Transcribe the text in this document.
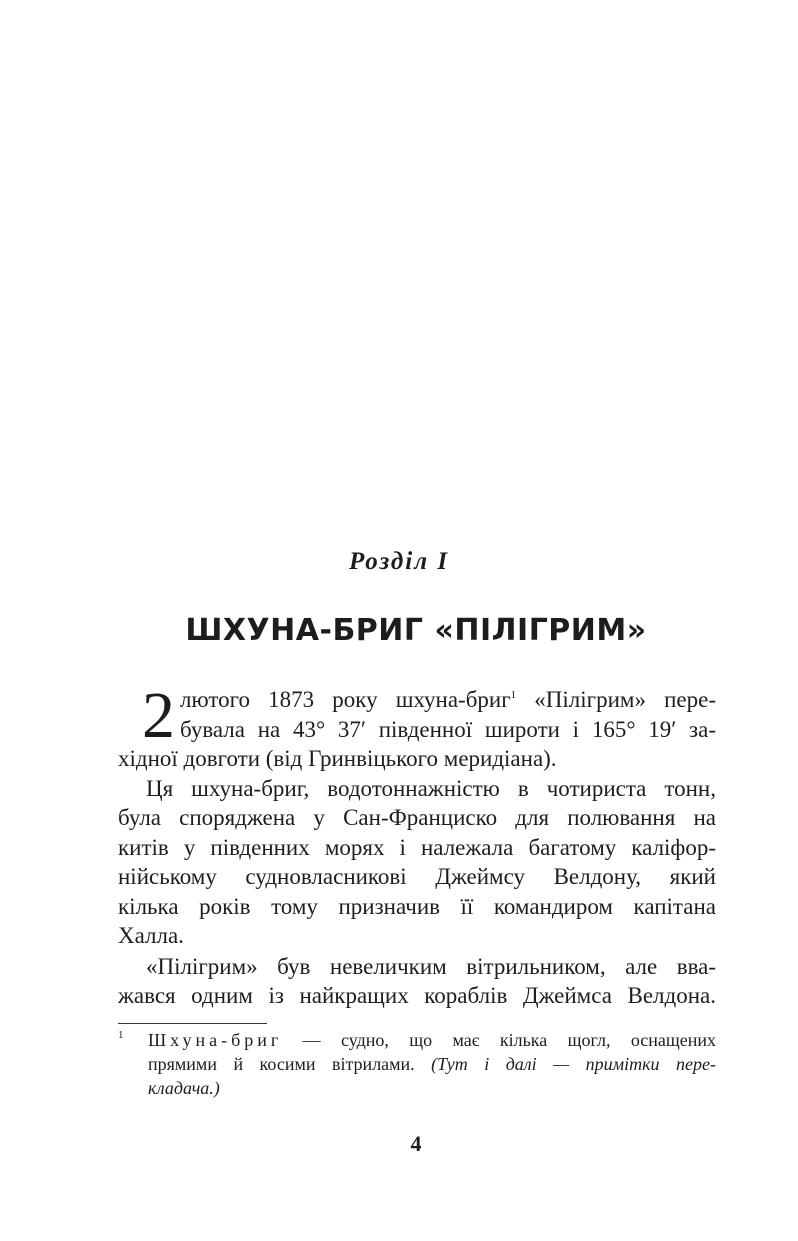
Розділ I
ШХУНА-БРИГ «ПІЛІГРИМ»
2 лютого 1873 року шхуна-бриг$^1$ «Пілігрим» пере-
бувала на 43° 37′ південної широти і 165° 19′ за-
хідної довготи (від Гринвіцького меридіана).
Ця шхуна-бриг, водотоннажністю в чотириста тонн,
була споряджена у Сан-Франциско для полювання на
китів у південних морях і належала багатому каліфор-
нійському судновласникові Джеймсу Велдону, який
кілька років тому призначив її командиром капітана
Халла.
«Пілігрим» був невеличким вітрильником, але вва-
жався одним із найкращих кораблів Джеймса Велдона.
1 Шхуна-бриг — судно, що має кілька щогл, оснащених
прямими й косими вітрилами. (Тут і далі — примітки пере-
кладача.)
4
